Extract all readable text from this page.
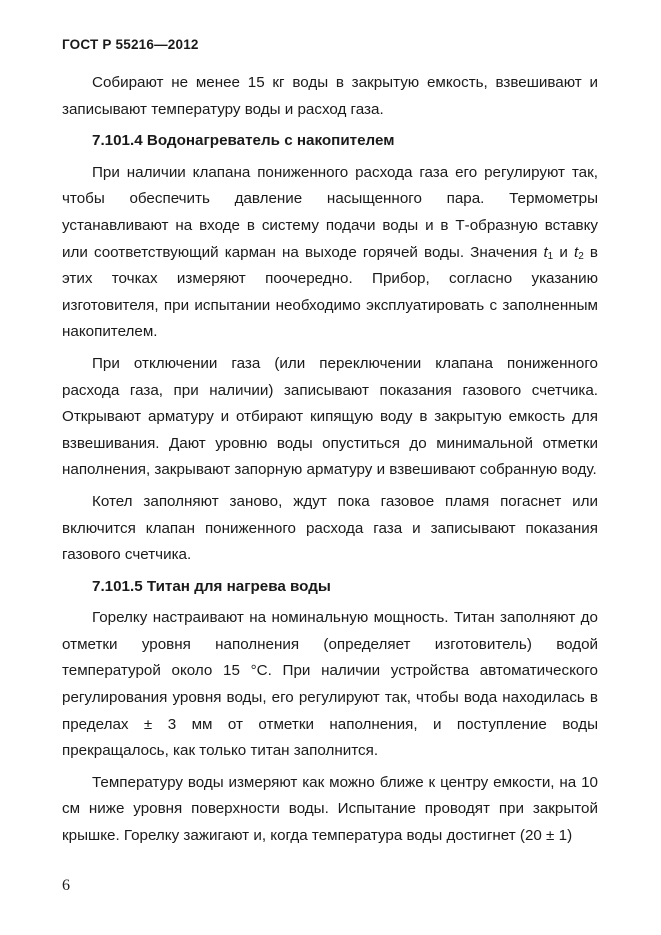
ГОСТ Р 55216—2012

Собирают не менее 15 кг воды в закрытую емкость, взвешивают и записывают температуру воды и расход газа.

7.101.4 Водонагреватель с накопителем

При наличии клапана пониженного расхода газа его регулируют так, чтобы обеспечить давление насыщенного пара. Термометры устанавливают на входе в систему подачи воды и в Т-образную вставку или соответствующий карман на выходе горячей воды. Значения $t_1$ и $t_2$ в этих точках измеряют поочередно. Прибор, согласно указанию изготовителя, при испытании необходимо эксплуатировать с заполненным накопителем.

При отключении газа (или переключении клапана пониженного расхода газа, при наличии) записывают показания газового счетчика. Открывают арматуру и отбирают кипящую воду в закрытую емкость для взвешивания. Дают уровню воды опуститься до минимальной отметки наполнения, закрывают запорную арматуру и взвешивают собранную воду.

Котел заполняют заново, ждут пока газовое пламя погаснет или включится клапан пониженного расхода газа и записывают показания газового счетчика.

7.101.5 Титан для нагрева воды

Горелку настраивают на номинальную мощность. Титан заполняют до отметки уровня наполнения (определяет изготовитель) водой температурой около 15 °С. При наличии устройства автоматического регулирования уровня воды, его регулируют так, чтобы вода находилась в пределах ± 3 мм от отметки наполнения, и поступление воды прекращалось, как только титан заполнится.

Температуру воды измеряют как можно ближе к центру емкости, на 10 см ниже уровня поверхности воды. Испытание проводят при закрытой крышке. Горелку зажигают и, когда температура воды достигнет (20 ± 1)

6
